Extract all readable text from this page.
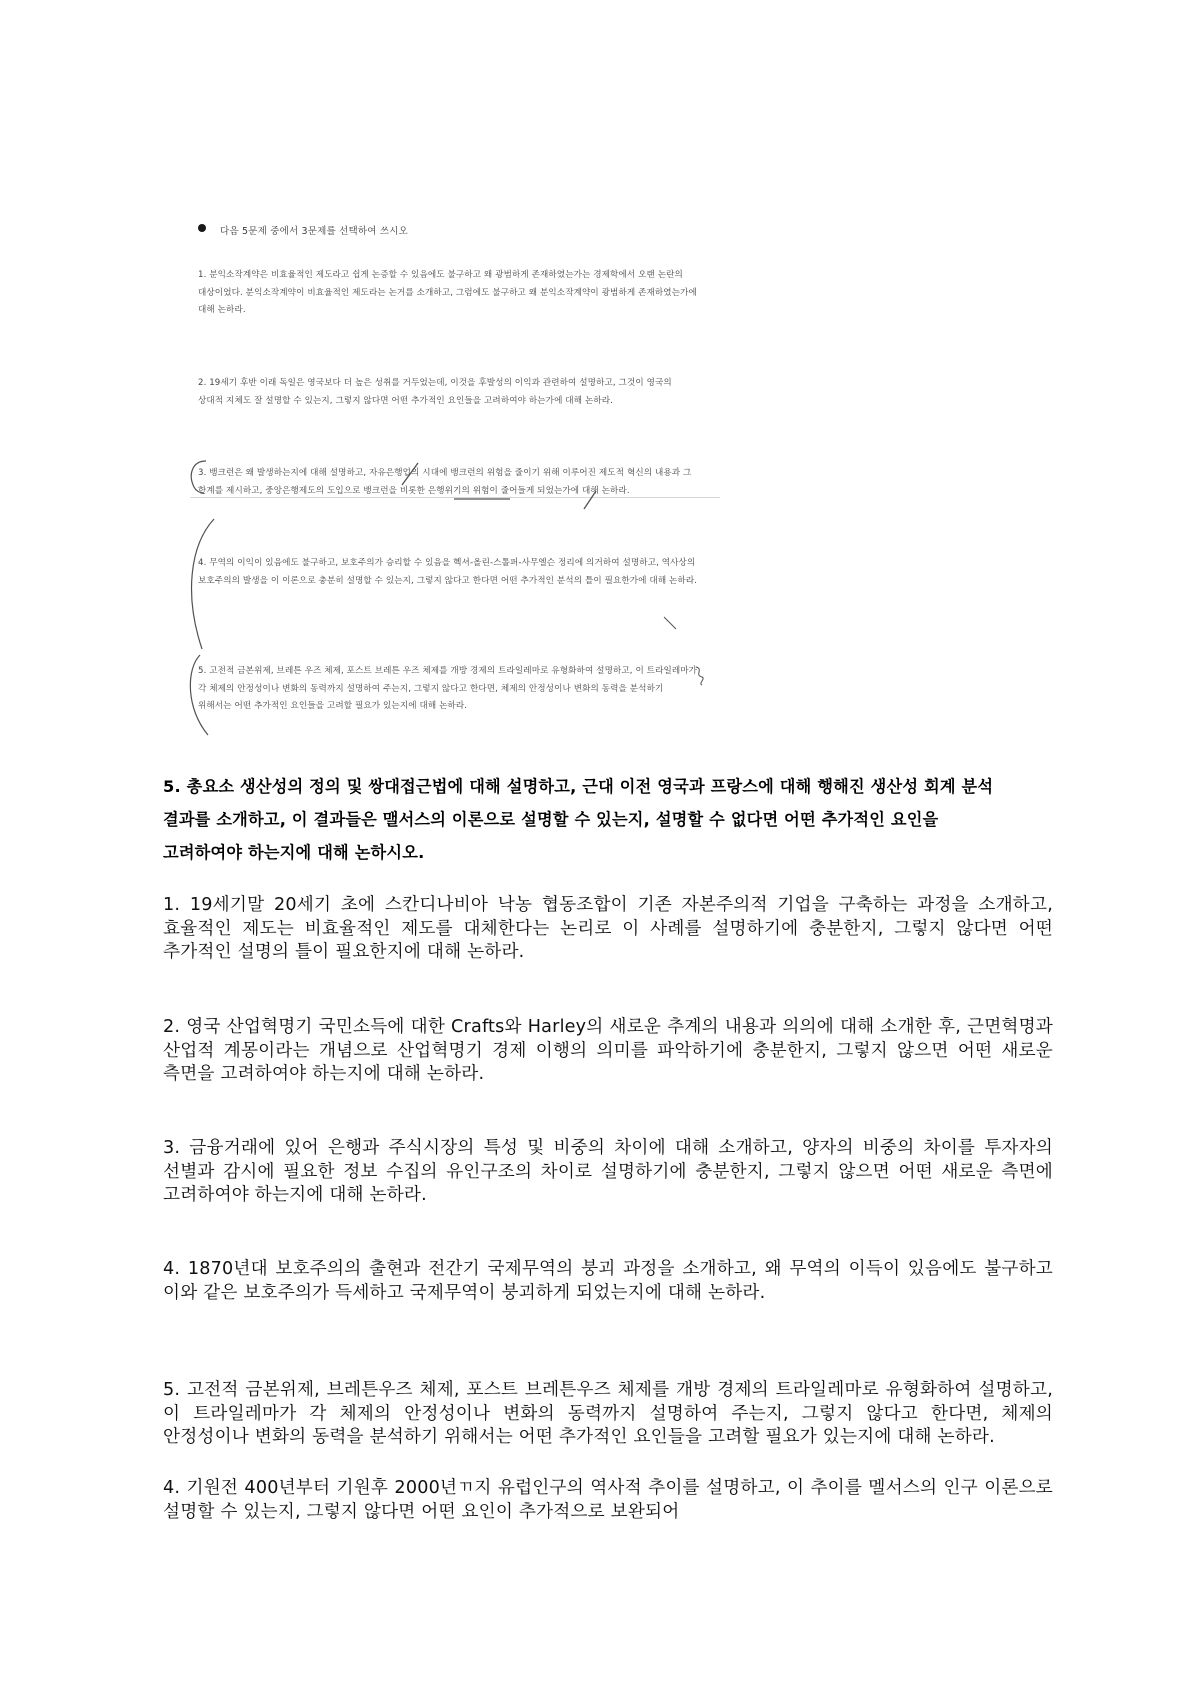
다음 5문제 중에서 3문제를 선택하여 쓰시오
1. 분익소작계약은 비효율적인 제도라고 쉽게 논증할 수 있음에도 불구하고 왜 광범하게 존재하였는가는 경제학에서 오랜 논란의 대상이었다. 분익소작계약이 비효율적인 제도라는 논거를 소개하고, 그럼에도 불구하고 왜 분익소작계약이 광범하게 존재하였는가에 대해 논하라.
2. 19세기 후반 이래 독일은 영국보다 더 높은 성취를 거두었는데, 이것을 후발성의 이익과 관련하여 설명하고, 그것이 영국의 상대적 지체도 잘 설명할 수 있는지, 그렇지 않다면 어떤 추가적인 요인들을 고려하여야 하는가에 대해 논하라.
3. 뱅크런은 왜 발생하는지에 대해 설명하고, 자유은행업의 시대에 뱅크런의 위험을 줄이기 위해 이루어진 제도적 혁신의 내용과 그 한계를 제시하고, 중앙은행제도의 도입으로 뱅크런을 비롯한 은행위기의 위험이 줄어들게 되었는가에 대해 논하라.
4. 무역의 이익이 있음에도 불구하고, 보호주의가 승리할 수 있음을 헥셔-올린-스톨퍼-사무엘슨 정리에 의거하여 설명하고, 역사상의 보호주의의 발생을 이 이론으로 충분히 설명할 수 있는지, 그렇지 않다고 한다면 어떤 추가적인 분석의 틀이 필요한가에 대해 논하라.
5. 고전적 금본위제, 브레튼 우즈 체제, 포스트 브레튼 우즈 체제를 개방 경제의 트라일레마로 유형화하여 설명하고, 이 트라일레마가 각 체제의 안정성이나 변화의 동력까지 설명하여 주는지, 그렇지 않다고 한다면, 체제의 안정성이나 변화의 동력을 분석하기 위해서는 어떤 추가적인 요인들을 고려할 필요가 있는지에 대해 논하라.
5. 총요소 생산성의 정의 및 쌍대접근법에 대해 설명하고, 근대 이전 영국과 프랑스에 대해 행해진 생산성 회계 분석 결과를 소개하고, 이 결과들은 맬서스의 이론으로 설명할 수 있는지, 설명할 수 없다면 어떤 추가적인 요인을 고려하여야 하는지에 대해 논하시오.
1. 19세기말 20세기 초에 스칸디나비아 낙농 협동조합이 기존 자본주의적 기업을 구축하는 과정을 소개하고, 효율적인 제도는 비효율적인 제도를 대체한다는 논리로 이 사례를 설명하기에 충분한지, 그렇지 않다면 어떤 추가적인 설명의 틀이 필요한지에 대해 논하라.
2. 영국 산업혁명기 국민소득에 대한 Crafts와 Harley의 새로운 추계의 내용과 의의에 대해 소개한 후, 근면혁명과 산업적 계몽이라는 개념으로 산업혁명기 경제 이행의 의미를 파악하기에 충분한지, 그렇지 않으면 어떤 새로운 측면을 고려하여야 하는지에 대해 논하라.
3. 금융거래에 있어 은행과 주식시장의 특성 및 비중의 차이에 대해 소개하고, 양자의 비중의 차이를 투자자의 선별과 감시에 필요한 정보 수집의 유인구조의 차이로 설명하기에 충분한지, 그렇지 않으면 어떤 새로운 측면에 고려하여야 하는지에 대해 논하라.
4. 1870년대 보호주의의 출현과 전간기 국제무역의 붕괴 과정을 소개하고, 왜 무역의 이득이 있음에도 불구하고 이와 같은 보호주의가 득세하고 국제무역이 붕괴하게 되었는지에 대해 논하라.
5. 고전적 금본위제, 브레튼우즈 체제, 포스트 브레튼우즈 체제를 개방 경제의 트라일레마로 유형화하여 설명하고, 이 트라일레마가 각 체제의 안정성이나 변화의 동력까지 설명하여 주는지, 그렇지 않다고 한다면, 체제의 안정성이나 변화의 동력을 분석하기 위해서는 어떤 추가적인 요인들을 고려할 필요가 있는지에 대해 논하라.
4. 기원전 400년부터 기원후 2000년ㄲ지 유럽인구의 역사적 추이를 설명하고, 이 추이를 멜서스의 인구 이론으로 설명할 수 있는지, 그렇지 않다면 어떤 요인이 추가적으로 보완되어
